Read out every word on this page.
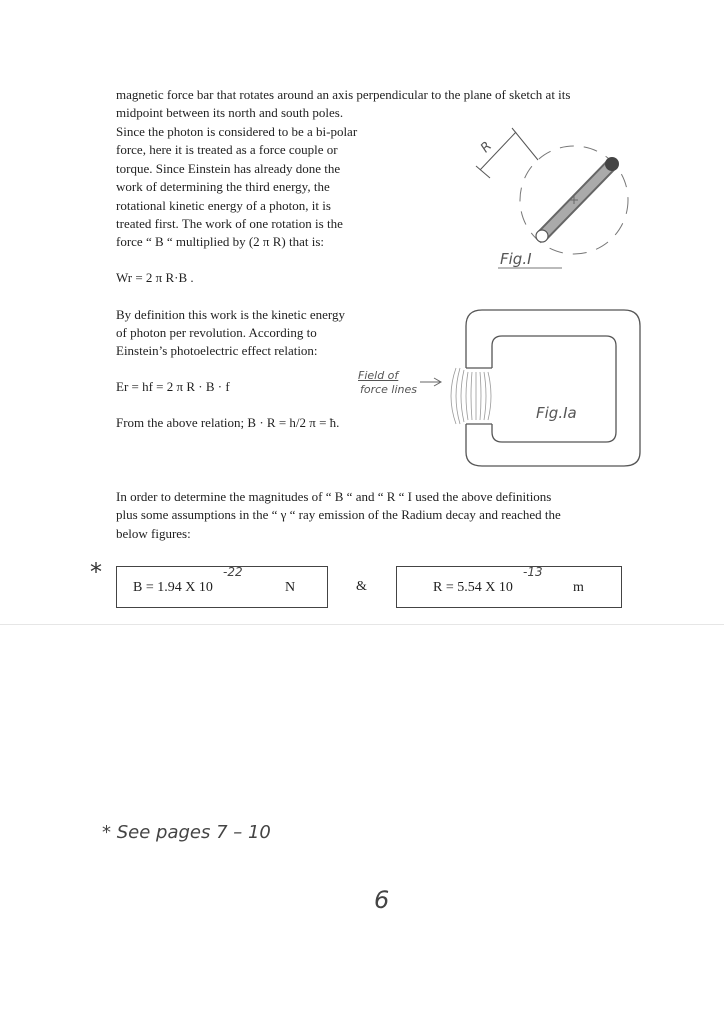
magnetic force bar that rotates around an axis perpendicular to the plane of sketch at its
midpoint between its north and south poles.
Since the photon is considered to be a bi-polar
force, here it is treated as a force couple or
torque. Since Einstein has already done the
work of determining the third energy, the
rotational kinetic energy of a photon, it is
treated first. The work of one rotation is the
force “ B “ multiplied by (2 π R) that is:
Wr = 2 π R·B .
By definition this work is the kinetic energy
of photon per revolution. According to
Einstein’s photoelectric effect relation:
Er = hf = 2 π R · B · f
From the above relation; B · R = h/2 π = ħ.
R
Fig.I
Field of
force lines
Fig.Ia
In order to determine the magnitudes of “ B “ and “ R “ I used the above definitions
plus some assumptions in the “ γ “ ray emission of the Radium decay and reached the
below figures:
*
B = 1.94 X 10
-22
N	&	R = 5.54 X 10
-13
m
* See pages 7 – 10
6
